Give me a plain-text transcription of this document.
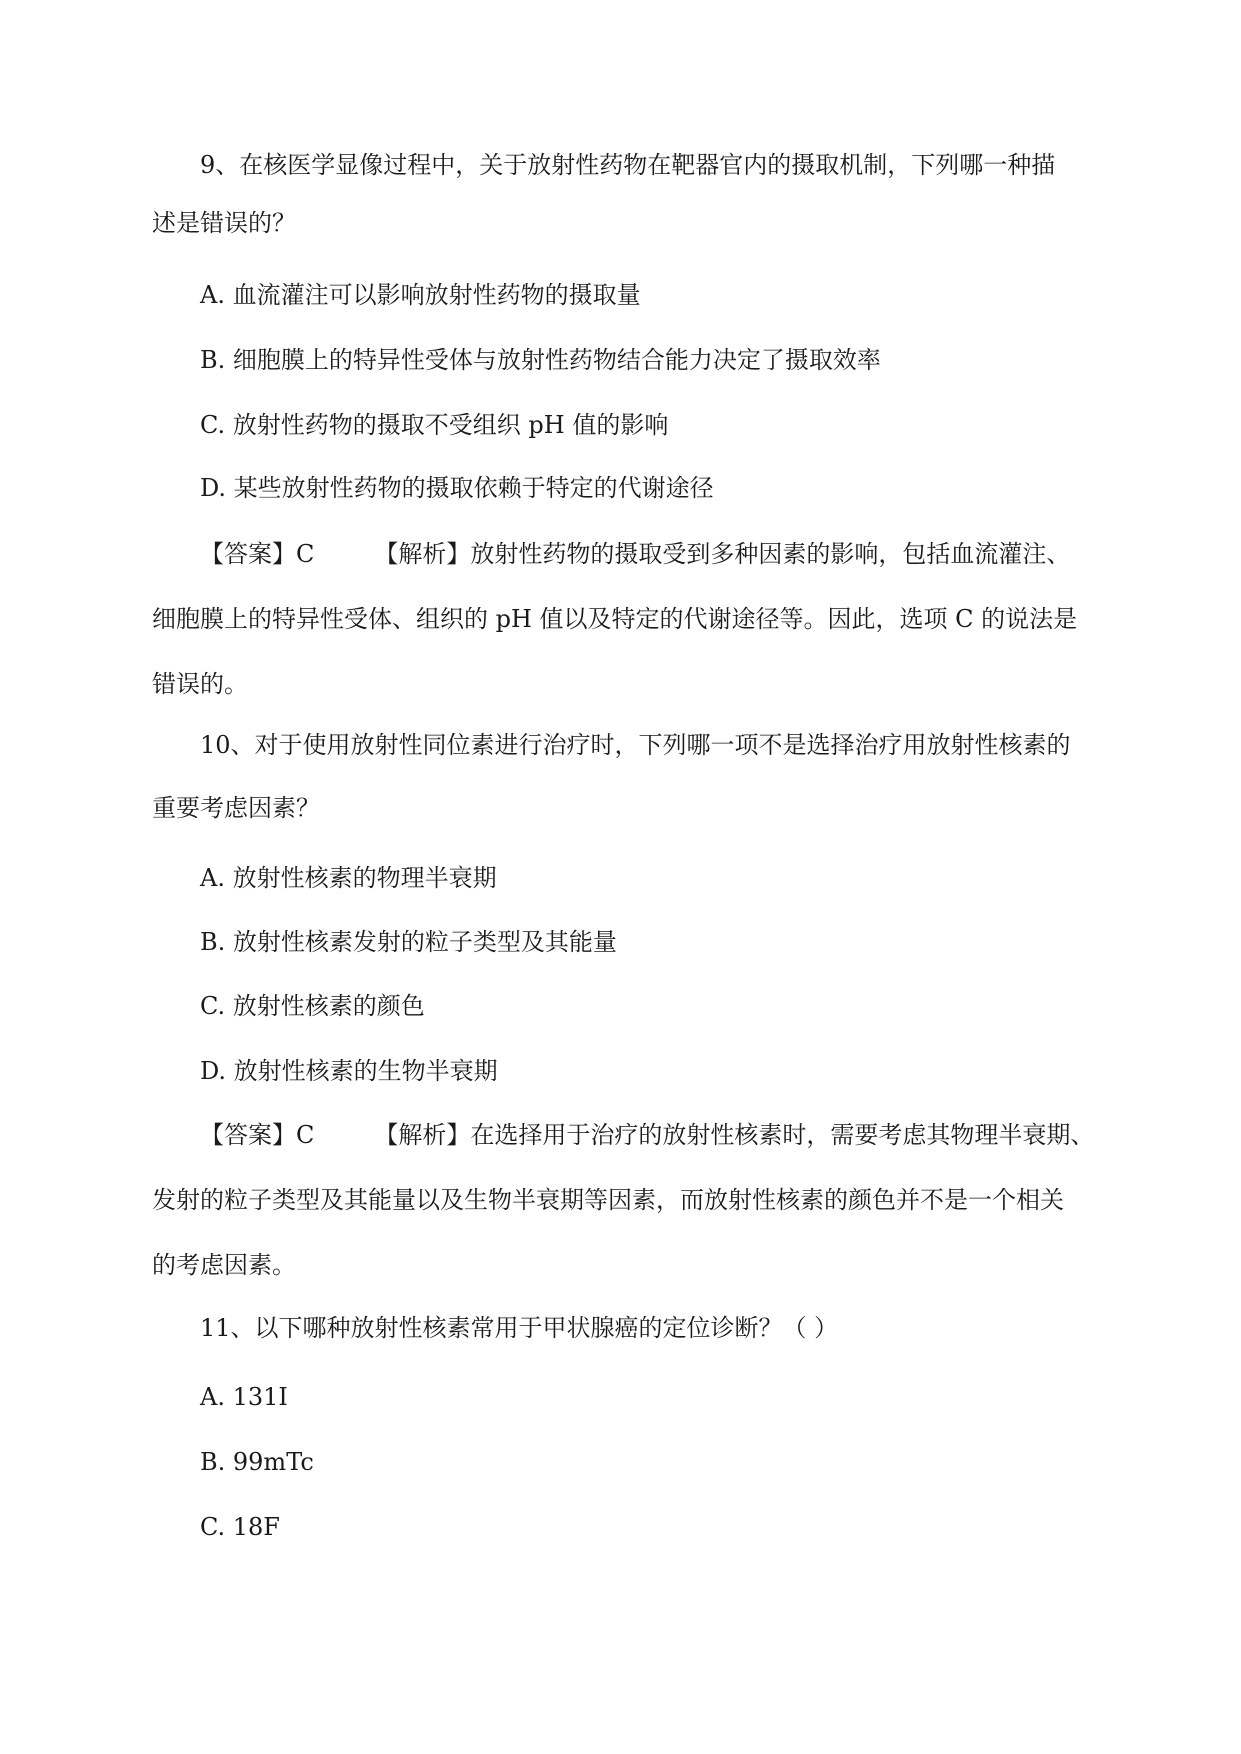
9、在核医学显像过程中，关于放射性药物在靶器官内的摄取机制，下列哪一种描
述是错误的？
A. 血流灌注可以影响放射性药物的摄取量
B. 细胞膜上的特异性受体与放射性药物结合能力决定了摄取效率
C. 放射性药物的摄取不受组织 pH 值的影响
D. 某些放射性药物的摄取依赖于特定的代谢途径
【答案】C	【解析】放射性药物的摄取受到多种因素的影响，包括血流灌注、
细胞膜上的特异性受体、组织的 pH 值以及特定的代谢途径等。因此，选项 C 的说法是
错误的。
10、对于使用放射性同位素进行治疗时，下列哪一项不是选择治疗用放射性核素的
重要考虑因素？
A. 放射性核素的物理半衰期
B. 放射性核素发射的粒子类型及其能量
C. 放射性核素的颜色
D. 放射性核素的生物半衰期
【答案】C	【解析】在选择用于治疗的放射性核素时，需要考虑其物理半衰期、
发射的粒子类型及其能量以及生物半衰期等因素，而放射性核素的颜色并不是一个相关
的考虑因素。
11、以下哪种放射性核素常用于甲状腺癌的定位诊断？（ ）
A. 131I
B. 99mTc
C. 18F
